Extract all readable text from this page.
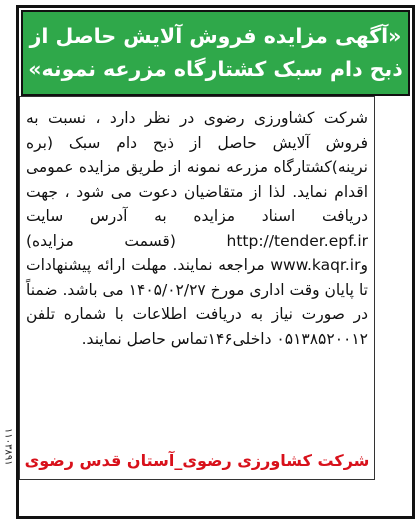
۱۱۰۳۸۹۱
«آگهی مزایده فروش آلایش حاصل از
ذبح دام سبک کشتارگاه مزرعه نمونه»

شرکت کشاورزی رضوی در نظر دارد ، نسبت به فروش آلایش حاصل از ذبح دام سبک (بره نرینه)کشتارگاه مزرعه نمونه از طریق مزایده عمومی اقدام نماید. لذا از متقاضیان دعوت می شود ، جهت دریافت اسناد مزایده به آدرس سایت http://tender.epf.ir (قسمت مزایده) وwww.kaqr.ir مراجعه نمایند. مهلت ارائه پیشنهادات تا پایان وقت اداری مورخ ۱۴۰۵/۰۲/۲۷ می باشد. ضمناً در صورت نیاز به دریافت اطلاعات با شماره تلفن ۰۵۱۳۸۵۲۰۰۱۲ داخلی۱۴۶تماس حاصل نمایند.

شرکت کشاورزی رضوی_آستان قدس رضوی
